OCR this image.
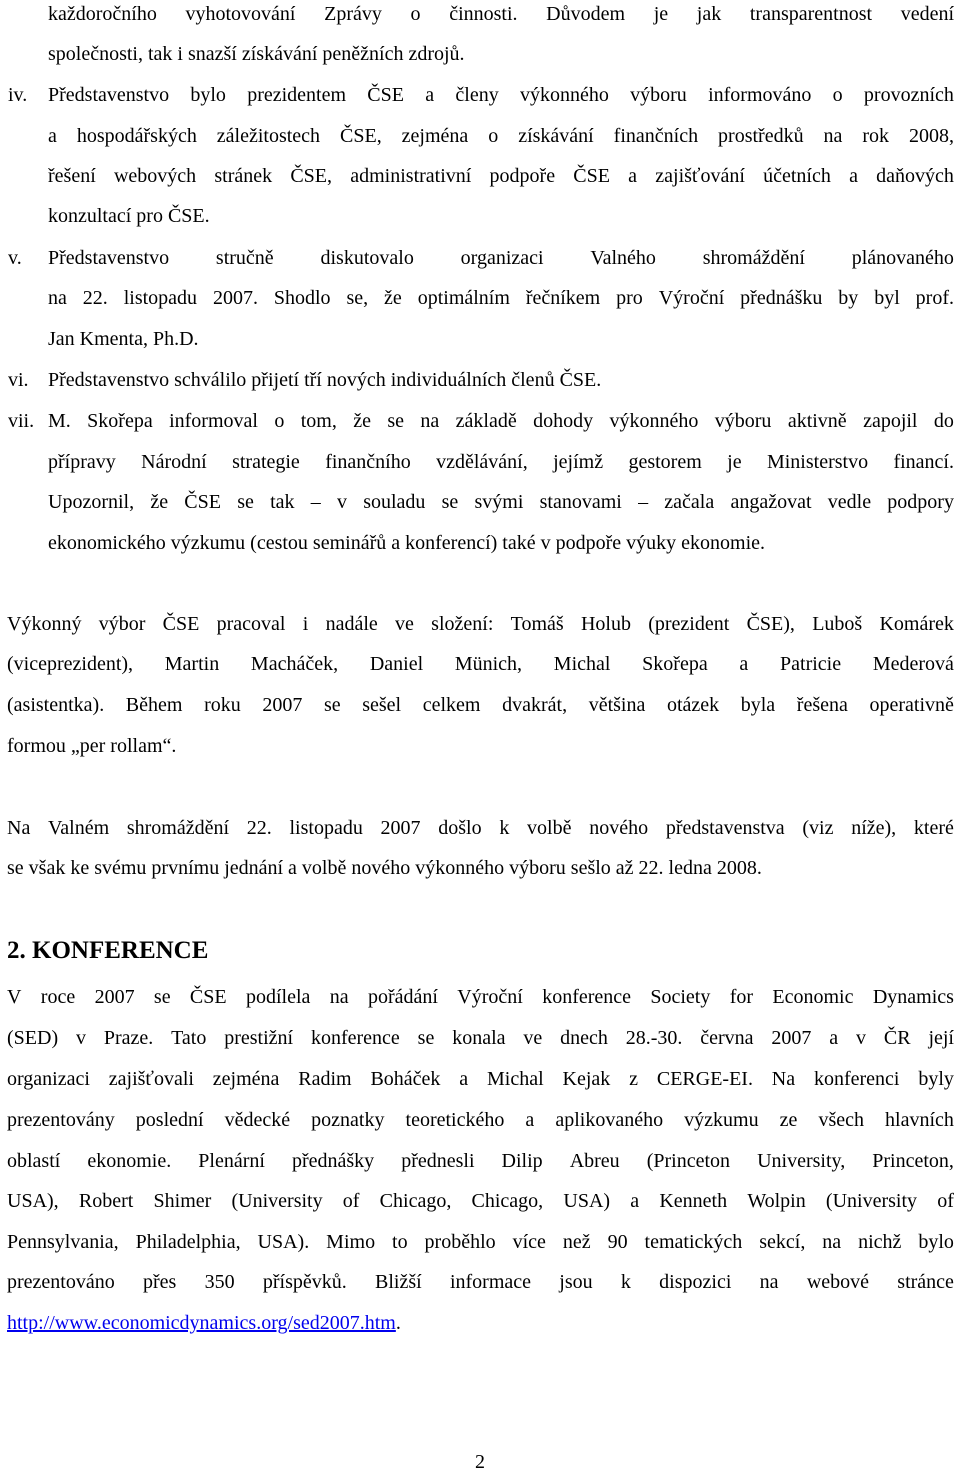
každoročního vyhotovování Zprávy o činnosti. Důvodem je jak transparentnost vedení
společnosti, tak i snazší získávání peněžních zdrojů.
iv. Představenstvo bylo prezidentem ČSE a členy výkonného výboru informováno o provozních
a hospodářských záležitostech ČSE, zejména o získávání finančních prostředků na rok 2008,
řešení webových stránek ČSE, administrativní podpoře ČSE a zajišťování účetních a daňových
konzultací pro ČSE.
v. Představenstvo stručně diskutovalo organizaci Valného shromáždění plánovaného
na 22. listopadu 2007. Shodlo se, že optimálním řečníkem pro Výroční přednášku by byl prof.
Jan Kmenta, Ph.D.
vi. Představenstvo schválilo přijetí tří nových individuálních členů ČSE.
vii. M. Skořepa informoval o tom, že se na základě dohody výkonného výboru aktivně zapojil do
přípravy Národní strategie finančního vzdělávání, jejímž gestorem je Ministerstvo financí.
Upozornil, že ČSE se tak – v souladu se svými stanovami – začala angažovat vedle podpory
ekonomického výzkumu (cestou seminářů a konferencí) také v podpoře výuky ekonomie.
Výkonný výbor ČSE pracoval i nadále ve složení: Tomáš Holub (prezident ČSE), Luboš Komárek
(viceprezident), Martin Macháček, Daniel Münich, Michal Skořepa a Patricie Mederová
(asistentka). Během roku 2007 se sešel celkem dvakrát, většina otázek byla řešena operativně
formou „per rollam“.
Na Valném shromáždění 22. listopadu 2007 došlo k volbě nového představenstva (viz níže), které
se však ke svému prvnímu jednání a volbě nového výkonného výboru sešlo až 22. ledna 2008.
2. KONFERENCE
V roce 2007 se ČSE podílela na pořádání Výroční konference Society for Economic Dynamics
(SED) v Praze. Tato prestižní konference se konala ve dnech 28.-30. června 2007 a v ČR její
organizaci zajišťovali zejména Radim Boháček a Michal Kejak z CERGE-EI. Na konferenci byly
prezentovány poslední vědecké poznatky teoretického a aplikovaného výzkumu ze všech hlavních
oblastí ekonomie. Plenární přednášky přednesli Dilip Abreu (Princeton University, Princeton,
USA), Robert Shimer (University of Chicago, Chicago, USA) a Kenneth Wolpin (University of
Pennsylvania, Philadelphia, USA). Mimo to proběhlo více než 90 tematických sekcí, na nichž bylo
prezentováno přes 350 příspěvků. Bližší informace jsou k dispozici na webové stránce
http://www.economicdynamics.org/sed2007.htm.
2
